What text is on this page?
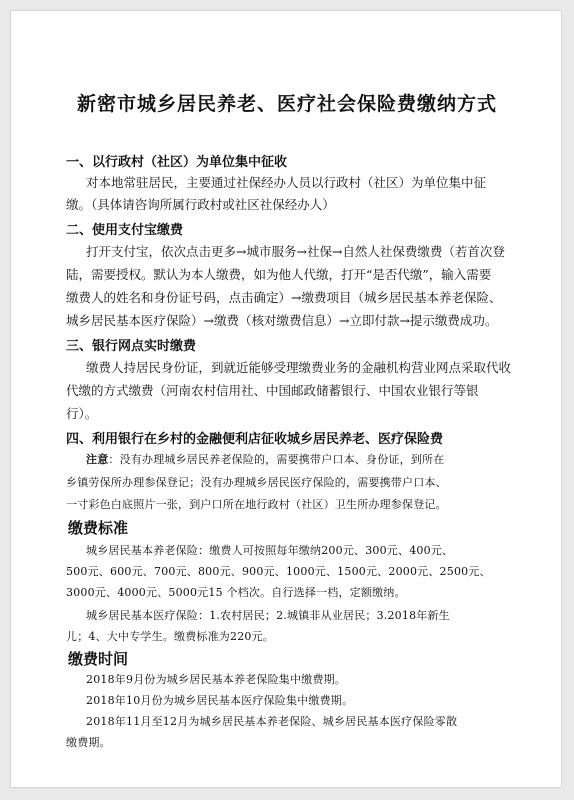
新密市城乡居民养老、医疗社会保险费缴纳方式
一、以行政村（社区）为单位集中征收
对本地常驻居民，主要通过社保经办人员以行政村（社区）为单位集中征
缴。（具体请咨询所属行政村或社区社保经办人）
二、使用支付宝缴费
打开支付宝，依次点击更多→城市服务→社保→自然人社保费缴费（若首次登
陆，需要授权。默认为本人缴费，如为他人代缴，打开“是否代缴”，输入需要
缴费人的姓名和身份证号码，点击确定）→缴费项目（城乡居民基本养老保险、
城乡居民基本医疗保险）→缴费（核对缴费信息）→立即付款→提示缴费成功。
三、银行网点实时缴费
缴费人持居民身份证，到就近能够受理缴费业务的金融机构营业网点采取代收
代缴的方式缴费（河南农村信用社、中国邮政储蓄银行、中国农业银行等银
行）。
四、利用银行在乡村的金融便利店征收城乡居民养老、医疗保险费
注意：没有办理城乡居民养老保险的，需要携带户口本、身份证，到所在
乡镇劳保所办理参保登记；没有办理城乡居民医疗保险的，需要携带户口本、
一寸彩色白底照片一张，到户口所在地行政村（社区）卫生所办理参保登记。
缴费标准
城乡居民基本养老保险：缴费人可按照每年缴纳200元、300元、400元、
500元、600元、700元、800元、900元、1000元、1500元、2000元、2500元、
3000元、4000元、5000元15 个档次。自行选择一档，定额缴纳。
城乡居民基本医疗保险：1.农村居民；2.城镇非从业居民；3.2018年新生
儿；4、大中专学生。缴费标准为220元。
缴费时间
2018年9月份为城乡居民基本养老保险集中缴费期。
2018年10月份为城乡居民基本医疗保险集中缴费期。
2018年11月至12月为城乡居民基本养老保险、城乡居民基本医疗保险零散
缴费期。
